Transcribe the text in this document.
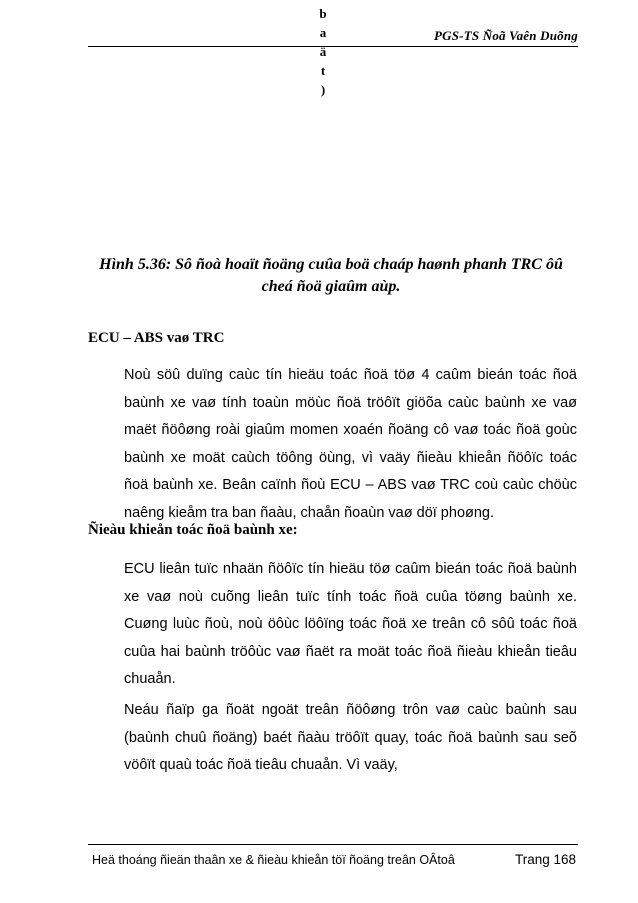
b
a
ä
t
)
PGS-TS Ñoã Vaên Duõng
Hình 5.36: Sô ñoà hoaït ñoäng cuûa boä chaáp haønh phanh TRC ôû cheá ñoä giaûm aùp.
ECU – ABS vaø TRC
Noù söû duïng caùc tín hieäu toác ñoä töø 4 caûm bieán toác ñoä baùnh xe vaø tính toaùn möùc ñoä tröôït giöõa caùc baùnh xe vaø maët ñöôøng roài giaûm momen xoaén ñoäng cô vaø toác ñoä goùc baùnh xe moät caùch töông öùng, vì vaäy ñieàu khieån ñöôïc toác ñoä baùnh xe. Beân caïnh ñoù ECU – ABS vaø TRC coù caùc chöùc naêng kieåm tra ban ñaàu, chaån ñoaùn vaø döï phoøng.
Ñieàu khieån toác ñoä baùnh xe:
ECU lieân tuïc nhaän ñöôïc tín hieäu töø caûm bieán toác ñoä baùnh xe vaø noù cuõng lieân tuïc tính toác ñoä cuûa töøng baùnh xe. Cuøng luùc ñoù, noù öôùc löôïng toác ñoä xe treân cô sôû toác ñoä cuûa hai baùnh tröôùc vaø ñaët ra moät toác ñoä ñieàu khieån tieâu chuaån.
Neáu ñaïp ga ñoät ngoät treân ñöôøng trôn vaø caùc baùnh sau (baùnh chuû ñoäng) baét ñaàu tröôït quay, toác ñoä baùnh sau seõ vöôït quaù toác ñoä tieâu chuaån. Vì vaäy,
Heä thoáng ñieän thaân xe & ñieàu khieån töï ñoäng treân OÂtoâ	Trang 168
